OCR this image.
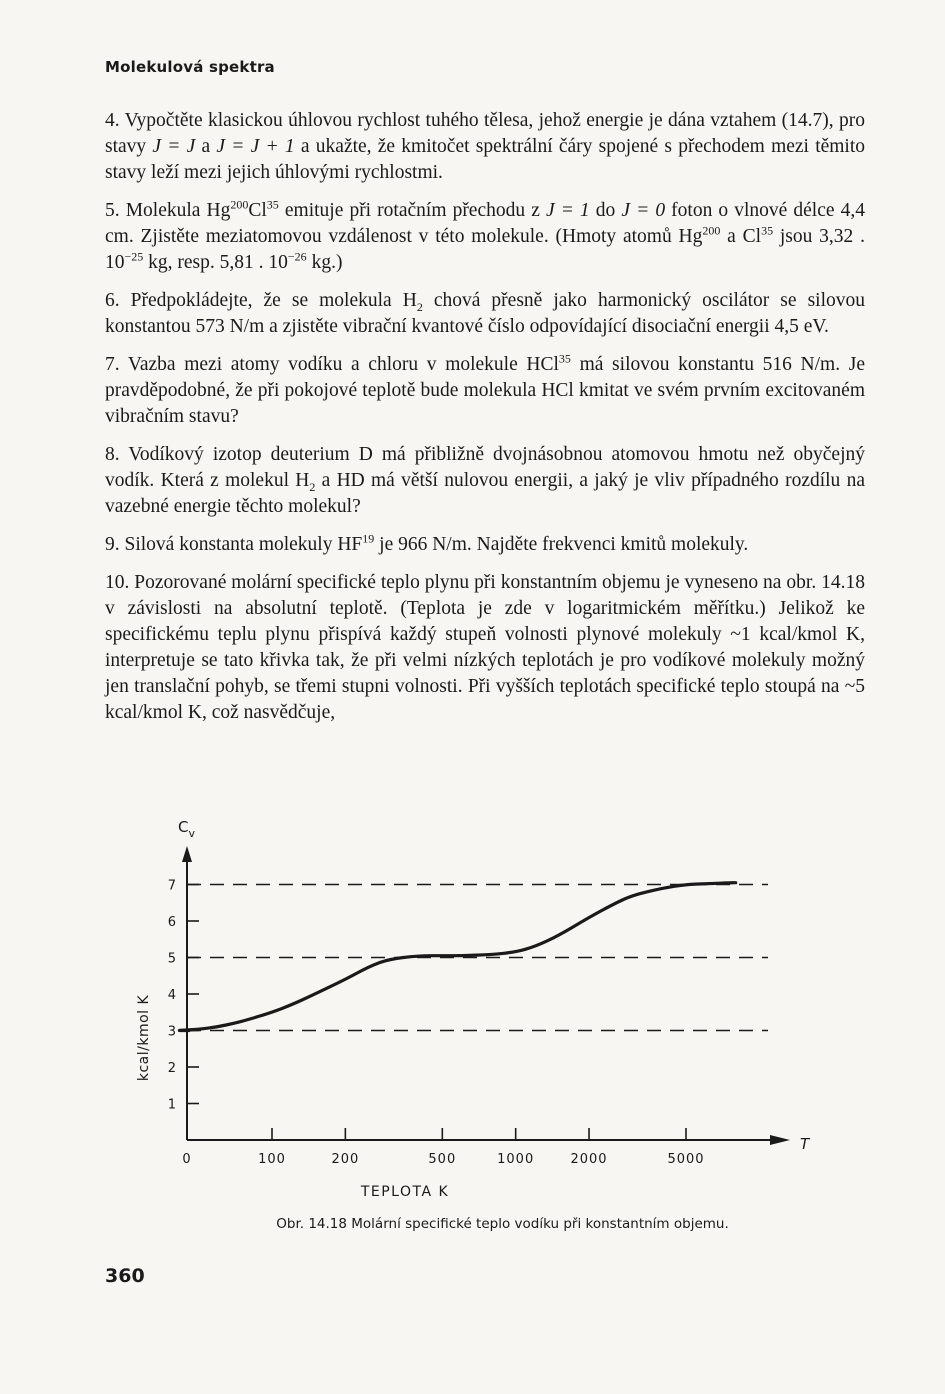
Molekulová spektra

4. Vypočtěte klasickou úhlovou rychlost tuhého tělesa, jehož energie je dána vztahem (14.7), pro stavy J = J a J = J + 1 a ukažte, že kmitočet spektrální čáry spojené s přechodem mezi těmito stavy leží mezi jejich úhlovými rychlostmi.

5. Molekula Hg$^{200}$Cl$^{35}$ emituje při rotačním přechodu z J = 1 do J = 0 foton o vlnové délce 4,4 cm. Zjistěte meziatomovou vzdálenost v této molekule. (Hmoty atomů Hg$^{200}$ a Cl$^{35}$ jsou 3,32 . $10^{-25}$ kg, resp. 5,81 . $10^{-26}$ kg.)

6. Předpokládejte, že se molekula $H_2$ chová přesně jako harmonický oscilátor se silovou konstantou 573 N/m a zjistěte vibrační kvantové číslo odpovídající disociační energii 4,5 eV.

7. Vazba mezi atomy vodíku a chloru v molekule HCl$^{35}$ má silovou konstantu 516 N/m. Je pravděpodobné, že při pokojové teplotě bude molekula HCl kmitat ve svém prvním excitovaném vibračním stavu?

8. Vodíkový izotop deuterium D má přibližně dvojnásobnou atomovou hmotu než obyčejný vodík. Která z molekul $H_2$ a HD má větší nulovou energii, a jaký je vliv případného rozdílu na vazebné energie těchto molekul?

9. Silová konstanta molekuly HF$^{19}$ je 966 N/m. Najděte frekvenci kmitů molekuly.

10. Pozorované molární specifické teplo plynu při konstantním objemu je vyneseno na obr. 14.18 v závislosti na absolutní teplotě. (Teplota je zde v logaritmickém měřítku.) Jelikož ke specifickému teplu plynu přispívá každý stupeň volnosti plynové molekuly ~1 kcal/kmol K, interpretuje se tato křivka tak, že při velmi nízkých teplotách je pro vodíkové molekuly možný jen translační pohyb, se třemi stupni volnosti. Při vyšších teplotách specifické teplo stoupá na ~5 kcal/kmol K, což nasvědčuje,

1
2
3
4
5
6
7
0	100	200	500	1000	2000	5000
$C_v$
T
kcal/kmol K
TEPLOTA K
Obr. 14.18 Molární specifické teplo vodíku při konstantním objemu.
360
